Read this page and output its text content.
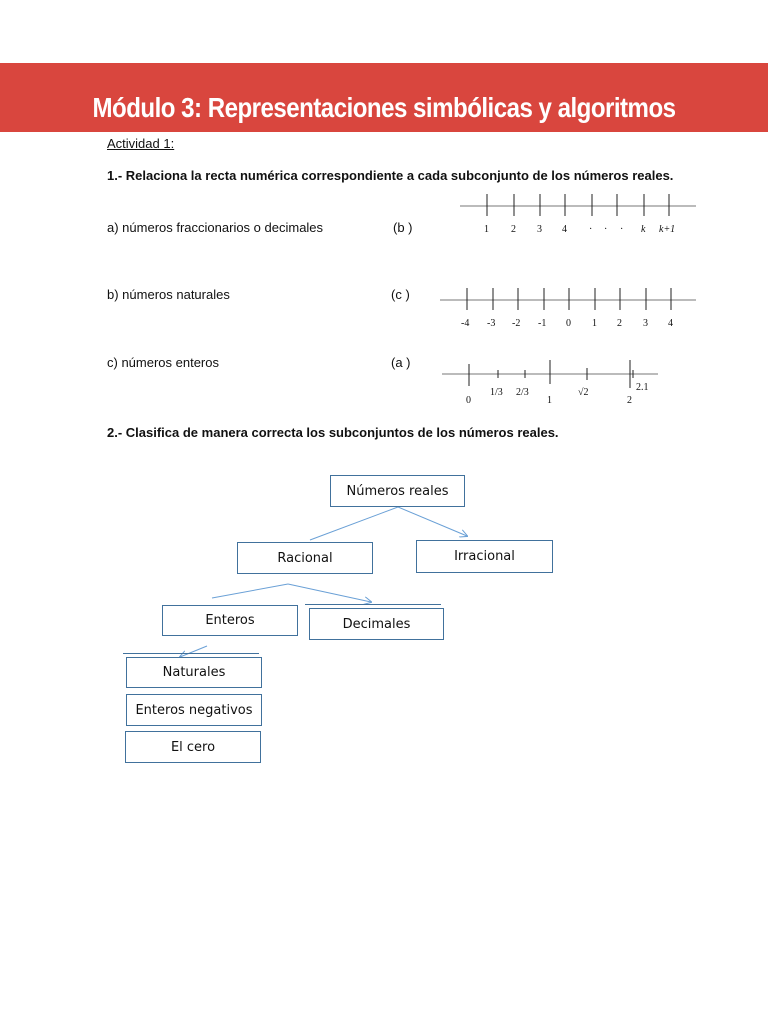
Módulo 3: Representaciones simbólicas y algoritmos
Actividad 1:
1.- Relaciona la recta numérica correspondiente a cada subconjunto de los números reales.
a) números fraccionarios o decimales	(b )
b) números naturales	(c )
c) números enteros	(a )
1 2 3 4 · · · k k+1
-4 -3 -2 -1 0 1 2 3 4
0
1/3 2/3
1
√2
2
2.1
2.- Clasifica de manera correcta los subconjuntos de los números reales.
Números reales
Racional	Irracional
Enteros	Decimales
Naturales
Enteros negativos
El cero
